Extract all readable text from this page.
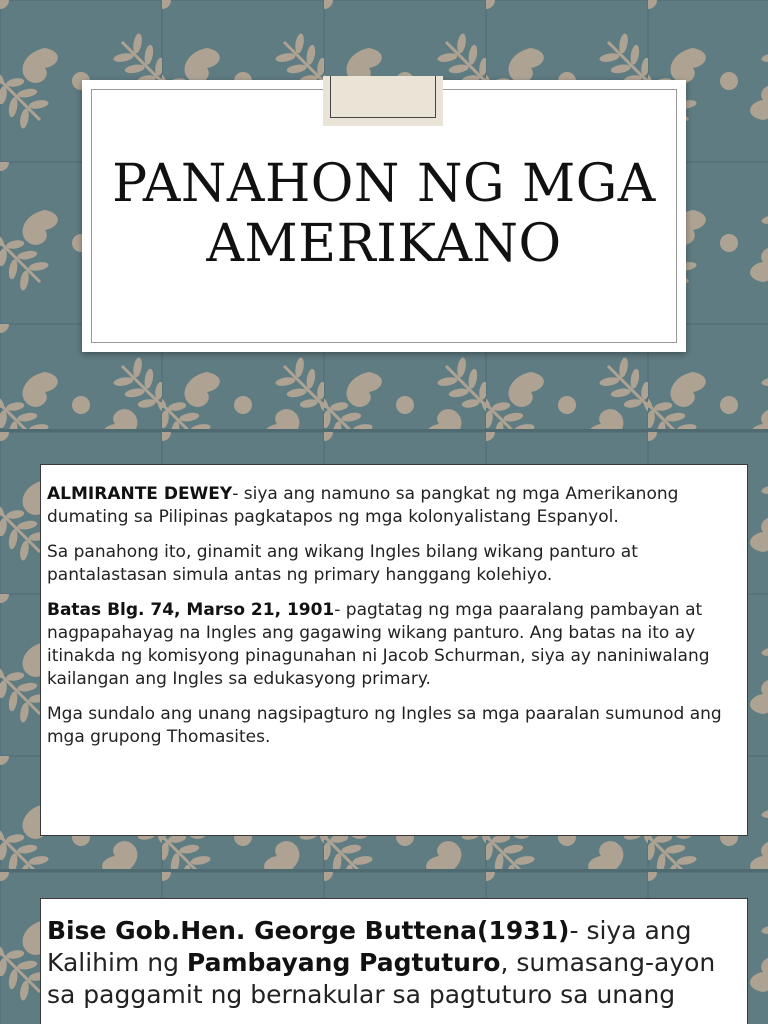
PANAHON NG MGA
AMERIKANO

ALMIRANTE DEWEY- siya ang namuno sa pangkat ng mga Amerikanong dumating sa Pilipinas pagkatapos ng mga kolonyalistang Espanyol.

Sa panahong ito, ginamit ang wikang Ingles bilang wikang panturo at pantalastasan simula antas ng primary hanggang kolehiyo.

Batas Blg. 74, Marso 21, 1901- pagtatag ng mga paaralang pambayan at nagpapahayag na Ingles ang gagawing wikang panturo. Ang batas na ito ay itinakda ng komisyong pinagunahan ni Jacob Schurman, siya ay naniniwalang kailangan ang Ingles sa edukasyong primary.

Mga sundalo ang unang nagsipagturo ng Ingles sa mga paaralan sumunod ang mga grupong Thomasites.

Bise Gob.Hen. George Buttena(1931)- siya ang Kalihim ng Pambayang Pagtuturo, sumasang-ayon sa paggamit ng bernakular sa pagtuturo sa unang
